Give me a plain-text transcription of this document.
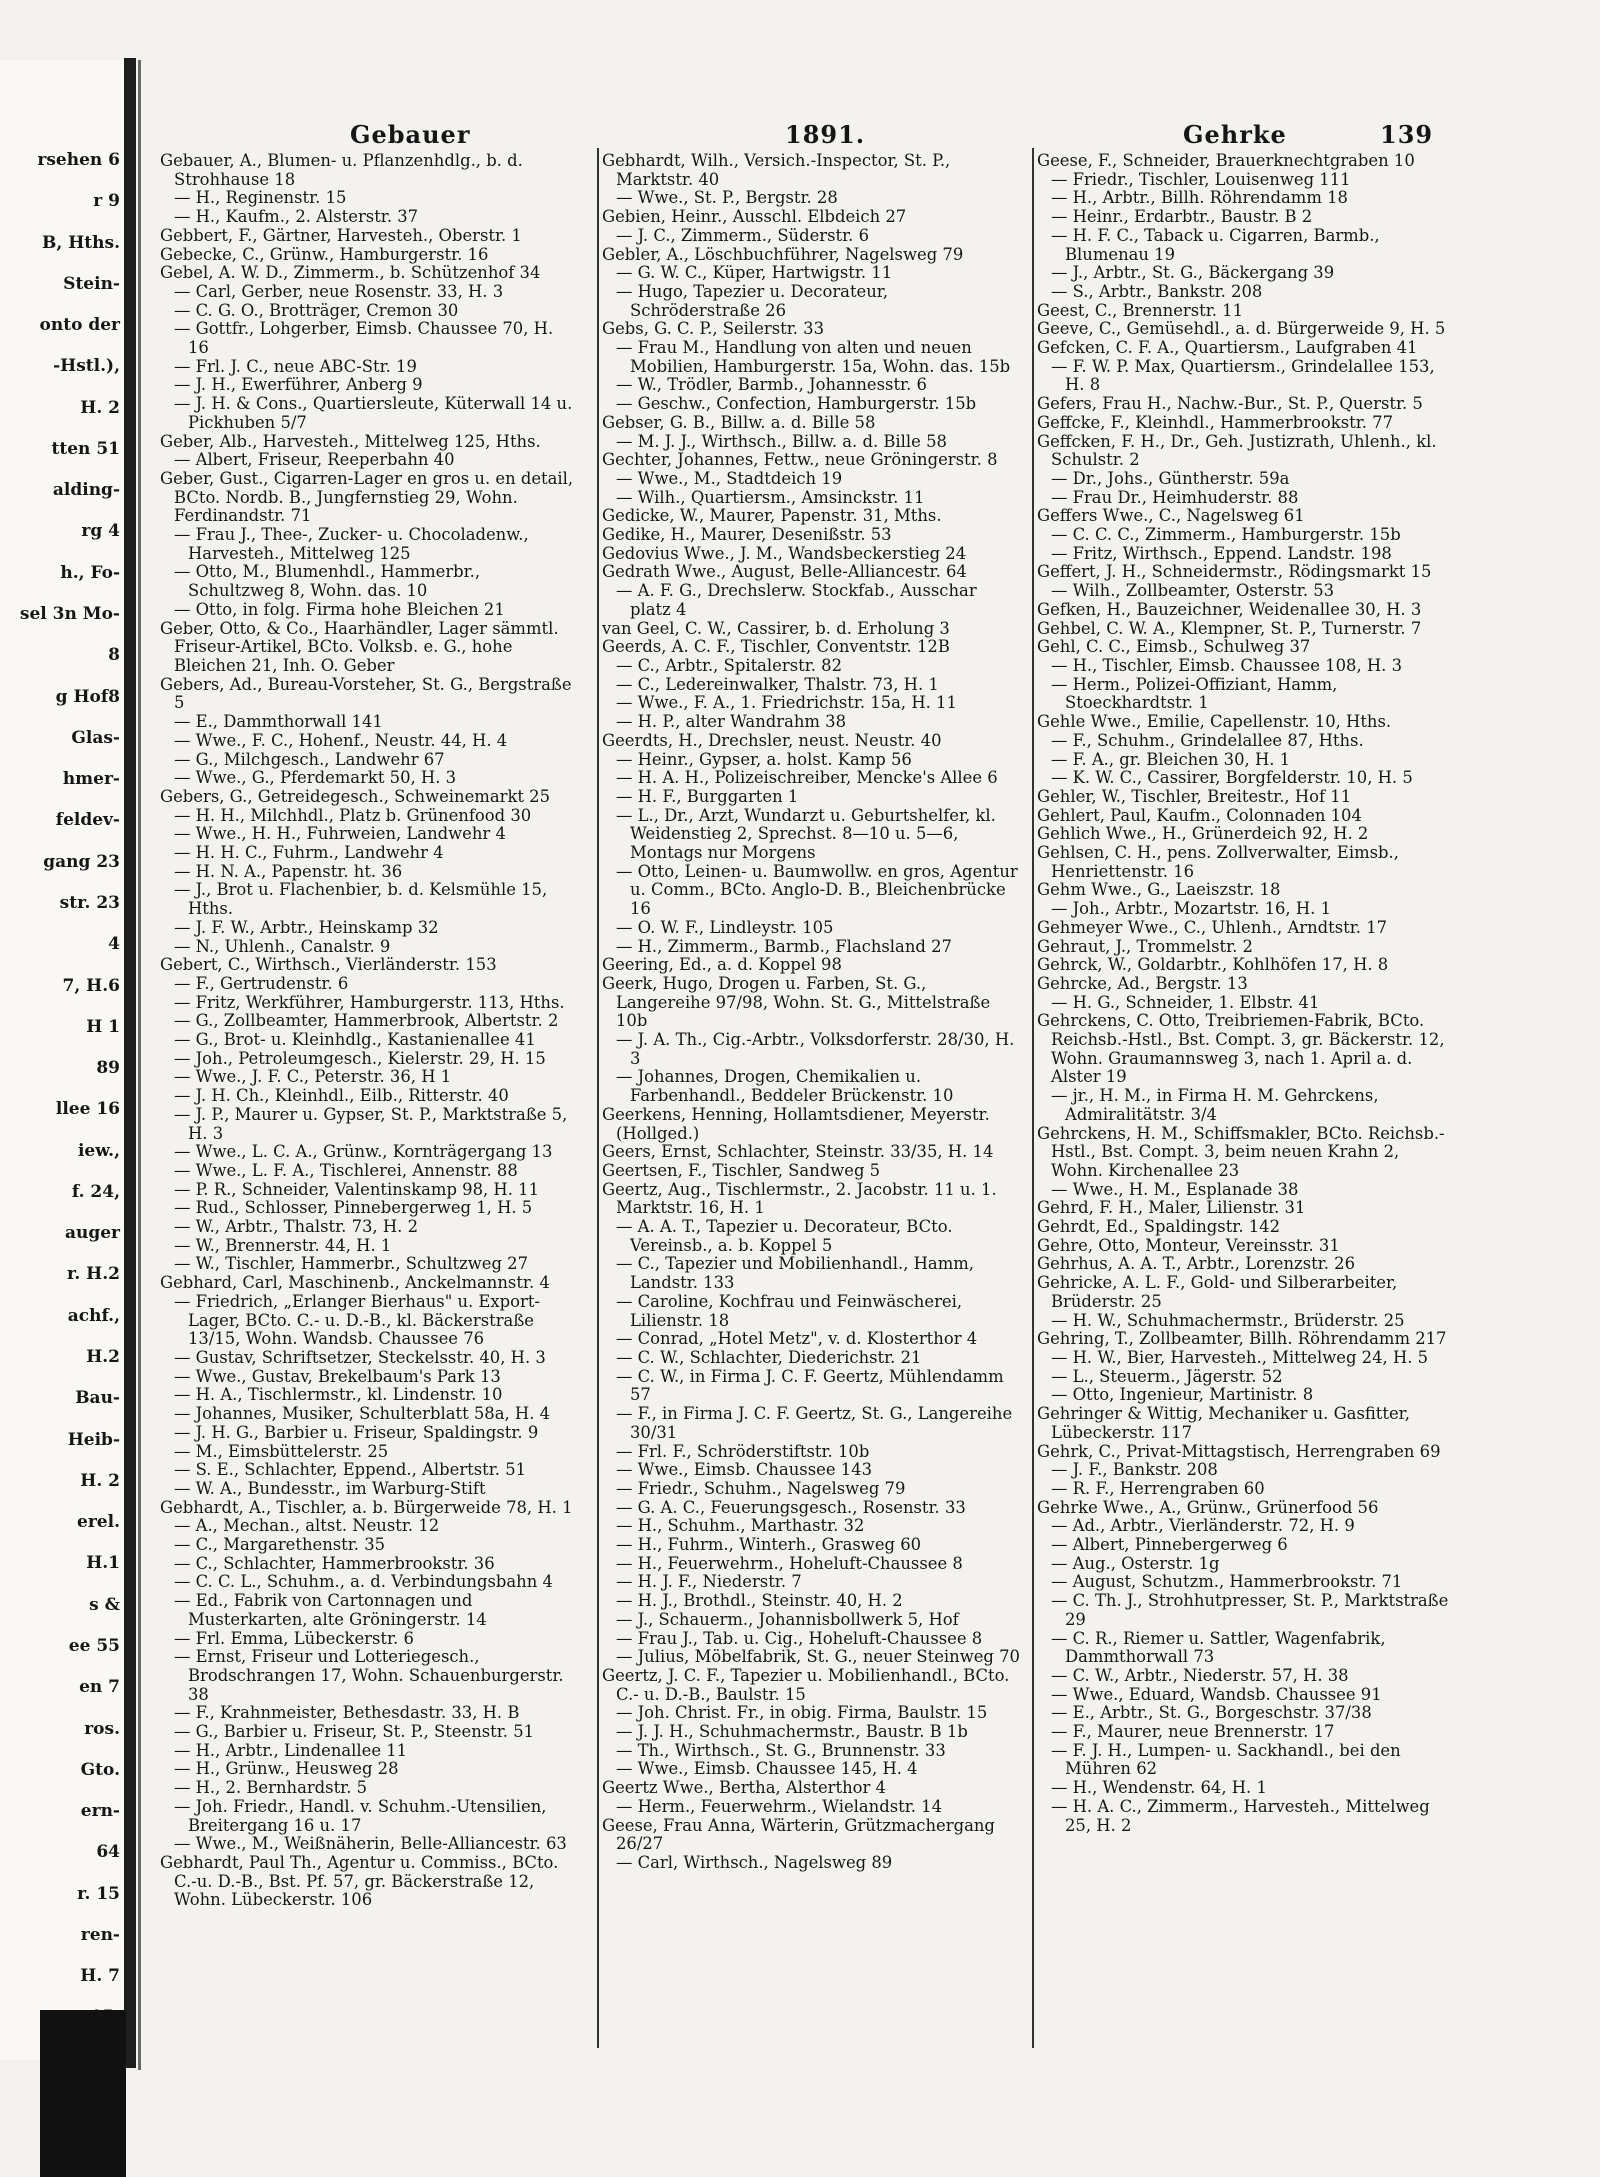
rsehen 6
r 9
B, Hths.
Stein-
onto der
-Hstl.),
H. 2
tten 51
alding-
rg 4
h., Fo-
sel 3n Mo-
8
g Hof8
Glas-
hmer-
feldev-
gang 23
str. 23
4
7, H.6
H 1
89
llee 16
iew.,
f. 24,
auger
r. H.2
achf.,
H.2
Bau-
Heib-
H. 2
erel.
H.1
s &
ee 55
en 7
ros.
Gto.
ern-
64
r. 15
ren-
H. 7
Gebauer	1891.	Gehrke	139
Gebauer, A., Blumen- u. Pflanzenhdlg., b. d. Strohhause 18
— H., Reginenstr. 15
— H., Kaufm., 2. Alsterstr. 37
Gebbert, F., Gärtner, Harvesteh., Oberstr. 1
Gebecke, C., Grünw., Hamburgerstr. 16
Gebel, A. W. D., Zimmerm., b. Schützenhof 34
— Carl, Gerber, neue Rosenstr. 33, H. 3
— C. G. O., Brotträger, Cremon 30
— Gottfr., Lohgerber, Eimsb. Chaussee 70, H. 16
— Frl. J. C., neue ABC-Str. 19
— J. H., Ewerführer, Anberg 9
— J. H. & Cons., Quartiersleute, Küterwall 14 u. Pickhuben 5/7
Geber, Alb., Harvesteh., Mittelweg 125, Hths.
— Albert, Friseur, Reeperbahn 40
Geber, Gust., Cigarren-Lager en gros u. en detail, BCto. Nordb. B., Jungfernstieg 29, Wohn. Ferdinandstr. 71
— Frau J., Thee-, Zucker- u. Chocoladenw., Harvesteh., Mittelweg 125
— Otto, M., Blumenhdl., Hammerbr., Schultzweg 8, Wohn. das. 10
— Otto, in folg. Firma hohe Bleichen 21
Geber, Otto, & Co., Haarhändler, Lager sämmtl. Friseur-Artikel, BCto. Volksb. e. G., hohe Bleichen 21, Inh. O. Geber
Gebers, Ad., Bureau-Vorsteher, St. G., Bergstraße 5
— E., Dammthorwall 141
— Wwe., F. C., Hohenf., Neustr. 44, H. 4
— G., Milchgesch., Landwehr 67
— Wwe., G., Pferdemarkt 50, H. 3
Gebers, G., Getreidegesch., Schweinemarkt 25
— H. H., Milchhdl., Platz b. Grünenfood 30
— Wwe., H. H., Fuhrweien, Landwehr 4
— H. H. C., Fuhrm., Landwehr 4
— H. N. A., Papenstr. ht. 36
— J., Brot u. Flachenbier, b. d. Kelsmühle 15, Hths.
— J. F. W., Arbtr., Heinskamp 32
— N., Uhlenh., Canalstr. 9
Gebert, C., Wirthsch., Vierländerstr. 153
— F., Gertrudenstr. 6
— Fritz, Werkführer, Hamburgerstr. 113, Hths.
— G., Zollbeamter, Hammerbrook, Albertstr. 2
— G., Brot- u. Kleinhdlg., Kastanienallee 41
— Joh., Petroleumgesch., Kielerstr. 29, H. 15
— Wwe., J. F. C., Peterstr. 36, H 1
— J. H. Ch., Kleinhdl., Eilb., Ritterstr. 40
— J. P., Maurer u. Gypser, St. P., Marktstraße 5, H. 3
— Wwe., L. C. A., Grünw., Kornträgergang 13
— Wwe., L. F. A., Tischlerei, Annenstr. 88
— P. R., Schneider, Valentinskamp 98, H. 11
— Rud., Schlosser, Pinnebergerweg 1, H. 5
— W., Arbtr., Thalstr. 73, H. 2
— W., Brennerstr. 44, H. 1
— W., Tischler, Hammerbr., Schultzweg 27
Gebhard, Carl, Maschinenb., Anckelmannstr. 4
— Friedrich, „Erlanger Bierhaus" u. Export-Lager, BCto. C.- u. D.-B., kl. Bäckerstraße 13/15, Wohn. Wandsb. Chaussee 76
— Gustav, Schriftsetzer, Steckelsstr. 40, H. 3
— Wwe., Gustav, Brekelbaum's Park 13
— H. A., Tischlermstr., kl. Lindenstr. 10
— Johannes, Musiker, Schulterblatt 58a, H. 4
— J. H. G., Barbier u. Friseur, Spaldingstr. 9
— M., Eimsbüttelerstr. 25
— S. E., Schlachter, Eppend., Albertstr. 51
— W. A., Bundesstr., im Warburg-Stift
Gebhardt, A., Tischler, a. b. Bürgerweide 78, H. 1
— A., Mechan., altst. Neustr. 12
— C., Margarethenstr. 35
— C., Schlachter, Hammerbrookstr. 36
— C. C. L., Schuhm., a. d. Verbindungsbahn 4
— Ed., Fabrik von Cartonnagen und Musterkarten, alte Gröningerstr. 14
— Frl. Emma, Lübeckerstr. 6
— Ernst, Friseur und Lotteriegesch., Brodschrangen 17, Wohn. Schauenburgerstr. 38
— F., Krahnmeister, Bethesdastr. 33, H. B
— G., Barbier u. Friseur, St. P., Steenstr. 51
— H., Arbtr., Lindenallee 11
— H., Grünw., Heusweg 28
— H., 2. Bernhardstr. 5
— Joh. Friedr., Handl. v. Schuhm.-Utensilien, Breitergang 16 u. 17
— Wwe., M., Weißnäherin, Belle-Alliancestr. 63
Gebhardt, Paul Th., Agentur u. Commiss., BCto. C.-u. D.-B., Bst. Pf. 57, gr. Bäckerstraße 12, Wohn. Lübeckerstr. 106
Gebhardt, Wilh., Versich.-Inspector, St. P., Marktstr. 40
— Wwe., St. P., Bergstr. 28
Gebien, Heinr., Ausschl. Elbdeich 27
— J. C., Zimmerm., Süderstr. 6
Gebler, A., Löschbuchführer, Nagelsweg 79
— G. W. C., Küper, Hartwigstr. 11
— Hugo, Tapezier u. Decorateur, Schröderstraße 26
Gebs, G. C. P., Seilerstr. 33
— Frau M., Handlung von alten und neuen Mobilien, Hamburgerstr. 15a, Wohn. das. 15b
— W., Trödler, Barmb., Johannesstr. 6
— Geschw., Confection, Hamburgerstr. 15b
Gebser, G. B., Billw. a. d. Bille 58
— M. J. J., Wirthsch., Billw. a. d. Bille 58
Gechter, Johannes, Fettw., neue Gröningerstr. 8
— Wwe., M., Stadtdeich 19
— Wilh., Quartiersm., Amsinckstr. 11
Gedicke, W., Maurer, Papenstr. 31, Mths.
Gedike, H., Maurer, Desenißstr. 53
Gedovius Wwe., J. M., Wandsbeckerstieg 24
Gedrath Wwe., August, Belle-Alliancestr. 64
— A. F. G., Drechslerw. Stockfab., Ausschar platz 4
van Geel, C. W., Cassirer, b. d. Erholung 3
Geerds, A. C. F., Tischler, Conventstr. 12B
— C., Arbtr., Spitalerstr. 82
— C., Ledereinwalker, Thalstr. 73, H. 1
— Wwe., F. A., 1. Friedrichstr. 15a, H. 11
— H. P., alter Wandrahm 38
Geerdts, H., Drechsler, neust. Neustr. 40
— Heinr., Gypser, a. holst. Kamp 56
— H. A. H., Polizeischreiber, Mencke's Allee 6
— H. F., Burggarten 1
— L., Dr., Arzt, Wundarzt u. Geburtshelfer, kl. Weidenstieg 2, Sprechst. 8—10 u. 5—6, Montags nur Morgens
— Otto, Leinen- u. Baumwollw. en gros, Agentur u. Comm., BCto. Anglo-D. B., Bleichenbrücke 16
— O. W. F., Lindleystr. 105
— H., Zimmerm., Barmb., Flachsland 27
Geering, Ed., a. d. Koppel 98
Geerk, Hugo, Drogen u. Farben, St. G., Langereihe 97/98, Wohn. St. G., Mittelstraße 10b
— J. A. Th., Cig.-Arbtr., Volksdorferstr. 28/30, H. 3
— Johannes, Drogen, Chemikalien u. Farbenhandl., Beddeler Brückenstr. 10
Geerkens, Henning, Hollamtsdiener, Meyerstr. (Hollged.)
Geers, Ernst, Schlachter, Steinstr. 33/35, H. 14
Geertsen, F., Tischler, Sandweg 5
Geertz, Aug., Tischlermstr., 2. Jacobstr. 11 u. 1. Marktstr. 16, H. 1
— A. A. T., Tapezier u. Decorateur, BCto. Vereinsb., a. b. Koppel 5
— C., Tapezier und Mobilienhandl., Hamm, Landstr. 133
— Caroline, Kochfrau und Feinwäscherei, Lilienstr. 18
— Conrad, „Hotel Metz", v. d. Klosterthor 4
— C. W., Schlachter, Diederichstr. 21
— C. W., in Firma J. C. F. Geertz, Mühlendamm 57
— F., in Firma J. C. F. Geertz, St. G., Langereihe 30/31
— Frl. F., Schröderstiftstr. 10b
— Wwe., Eimsb. Chaussee 143
— Friedr., Schuhm., Nagelsweg 79
— G. A. C., Feuerungsgesch., Rosenstr. 33
— H., Schuhm., Marthastr. 32
— H., Fuhrm., Winterh., Grasweg 60
— H., Feuerwehrm., Hoheluft-Chaussee 8
— H. J. F., Niederstr. 7
— H. J., Brothdl., Steinstr. 40, H. 2
— J., Schauerm., Johannisbollwerk 5, Hof
— Frau J., Tab. u. Cig., Hoheluft-Chaussee 8
— Julius, Möbelfabrik, St. G., neuer Steinweg 70
Geertz, J. C. F., Tapezier u. Mobilienhandl., BCto. C.- u. D.-B., Baulstr. 15
— Joh. Christ. Fr., in obig. Firma, Baulstr. 15
— J. J. H., Schuhmachermstr., Baustr. B 1b
— Th., Wirthsch., St. G., Brunnenstr. 33
— Wwe., Eimsb. Chaussee 145, H. 4
Geertz Wwe., Bertha, Alsterthor 4
— Herm., Feuerwehrm., Wielandstr. 14
Geese, Frau Anna, Wärterin, Grützmachergang 26/27
— Carl, Wirthsch., Nagelsweg 89
Geese, F., Schneider, Brauerknechtgraben 10
— Friedr., Tischler, Louisenweg 111
— H., Arbtr., Billh. Röhrendamm 18
— Heinr., Erdarbtr., Baustr. B 2
— H. F. C., Taback u. Cigarren, Barmb., Blumenau 19
— J., Arbtr., St. G., Bäckergang 39
— S., Arbtr., Bankstr. 208
Geest, C., Brennerstr. 11
Geeve, C., Gemüsehdl., a. d. Bürgerweide 9, H. 5
Gefcken, C. F. A., Quartiersm., Laufgraben 41
— F. W. P. Max, Quartiersm., Grindelallee 153, H. 8
Gefers, Frau H., Nachw.-Bur., St. P., Querstr. 5
Geffcke, F., Kleinhdl., Hammerbrookstr. 77
Geffcken, F. H., Dr., Geh. Justizrath, Uhlenh., kl. Schulstr. 2
— Dr., Johs., Güntherstr. 59a
— Frau Dr., Heimhuderstr. 88
Geffers Wwe., C., Nagelsweg 61
— C. C. C., Zimmerm., Hamburgerstr. 15b
— Fritz, Wirthsch., Eppend. Landstr. 198
Geffert, J. H., Schneidermstr., Rödingsmarkt 15
— Wilh., Zollbeamter, Osterstr. 53
Gefken, H., Bauzeichner, Weidenallee 30, H. 3
Gehbel, C. W. A., Klempner, St. P., Turnerstr. 7
Gehl, C. C., Eimsb., Schulweg 37
— H., Tischler, Eimsb. Chaussee 108, H. 3
— Herm., Polizei-Offiziant, Hamm, Stoeckhardtstr. 1
Gehle Wwe., Emilie, Capellenstr. 10, Hths.
— F., Schuhm., Grindelallee 87, Hths.
— F. A., gr. Bleichen 30, H. 1
— K. W. C., Cassirer, Borgfelderstr. 10, H. 5
Gehler, W., Tischler, Breitestr., Hof 11
Gehlert, Paul, Kaufm., Colonnaden 104
Gehlich Wwe., H., Grünerdeich 92, H. 2
Gehlsen, C. H., pens. Zollverwalter, Eimsb., Henriettenstr. 16
Gehm Wwe., G., Laeiszstr. 18
— Joh., Arbtr., Mozartstr. 16, H. 1
Gehmeyer Wwe., C., Uhlenh., Arndtstr. 17
Gehraut, J., Trommelstr. 2
Gehrck, W., Goldarbtr., Kohlhöfen 17, H. 8
Gehrcke, Ad., Bergstr. 13
— H. G., Schneider, 1. Elbstr. 41
Gehrckens, C. Otto, Treibriemen-Fabrik, BCto. Reichsb.-Hstl., Bst. Compt. 3, gr. Bäckerstr. 12, Wohn. Graumannsweg 3, nach 1. April a. d. Alster 19
— jr., H. M., in Firma H. M. Gehrckens, Admiralitätstr. 3/4
Gehrckens, H. M., Schiffsmakler, BCto. Reichsb.-Hstl., Bst. Compt. 3, beim neuen Krahn 2, Wohn. Kirchenallee 23
— Wwe., H. M., Esplanade 38
Gehrd, F. H., Maler, Lilienstr. 31
Gehrdt, Ed., Spaldingstr. 142
Gehre, Otto, Monteur, Vereinsstr. 31
Gehrhus, A. A. T., Arbtr., Lorenzstr. 26
Gehricke, A. L. F., Gold- und Silberarbeiter, Brüderstr. 25
— H. W., Schuhmachermstr., Brüderstr. 25
Gehring, T., Zollbeamter, Billh. Röhrendamm 217
— H. W., Bier, Harvesteh., Mittelweg 24, H. 5
— L., Steuerm., Jägerstr. 52
— Otto, Ingenieur, Martinistr. 8
Gehringer & Wittig, Mechaniker u. Gasfitter, Lübeckerstr. 117
Gehrk, C., Privat-Mittagstisch, Herrengraben 69
— J. F., Bankstr. 208
— R. F., Herrengraben 60
Gehrke Wwe., A., Grünw., Grünerfood 56
— Ad., Arbtr., Vierländerstr. 72, H. 9
— Albert, Pinnebergerweg 6
— Aug., Osterstr. 1g
— August, Schutzm., Hammerbrookstr. 71
— C. Th. J., Strohhutpresser, St. P., Marktstraße 29
— C. R., Riemer u. Sattler, Wagenfabrik, Dammthorwall 73
— C. W., Arbtr., Niederstr. 57, H. 38
— Wwe., Eduard, Wandsb. Chaussee 91
— E., Arbtr., St. G., Borgeschstr. 37/38
— F., Maurer, neue Brennerstr. 17
— F. J. H., Lumpen- u. Sackhandl., bei den Mühren 62
— H., Wendenstr. 64, H. 1
— H. A. C., Zimmerm., Harvesteh., Mittelweg 25, H. 2
